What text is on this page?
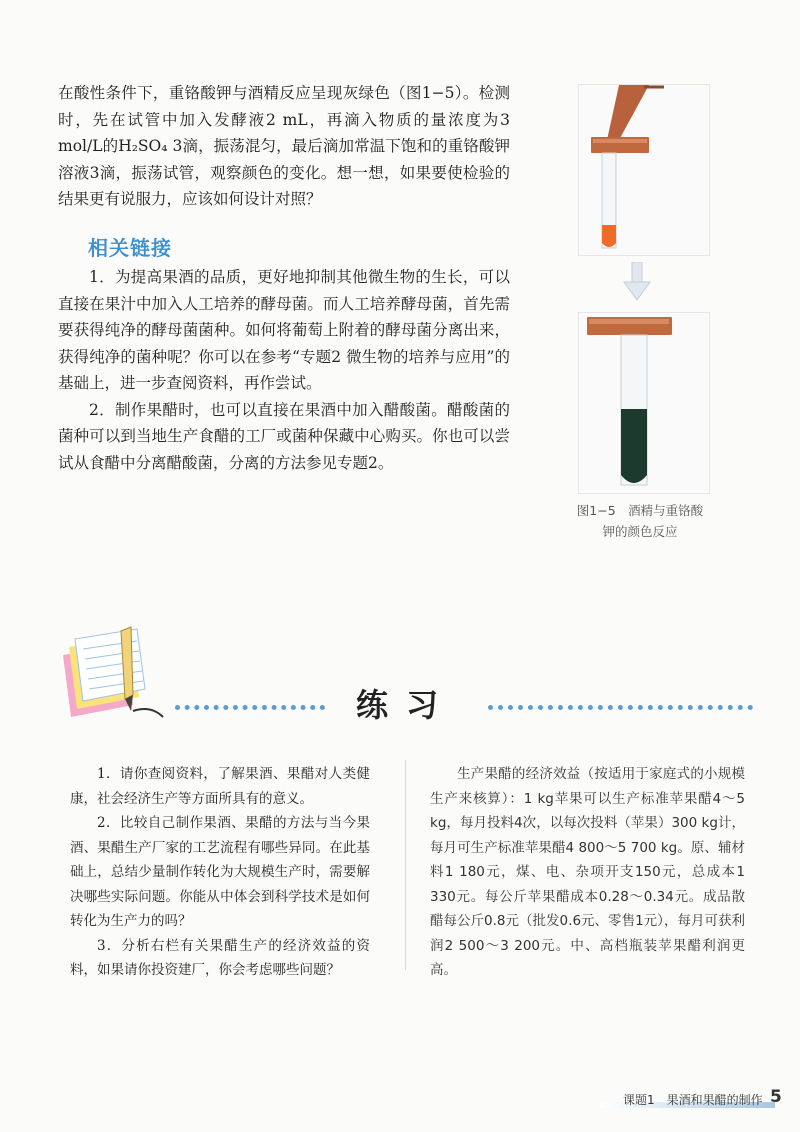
在酸性条件下，重铬酸钾与酒精反应呈现灰绿色（图1−5）。检测时，先在试管中加入发酵液2 mL，再滴入物质的量浓度为3 mol/L的H₂SO₄ 3滴，振荡混匀，最后滴加常温下饱和的重铬酸钾溶液3滴，振荡试管，观察颜色的变化。想一想，如果要使检验的结果更有说服力，应该如何设计对照？

相关链接

1．为提高果酒的品质，更好地抑制其他微生物的生长，可以直接在果汁中加入人工培养的酵母菌。而人工培养酵母菌，首先需要获得纯净的酵母菌菌种。如何将葡萄上附着的酵母菌分离出来，获得纯净的菌种呢？你可以在参考“专题2 微生物的培养与应用”的基础上，进一步查阅资料，再作尝试。

2．制作果醋时，也可以直接在果酒中加入醋酸菌。醋酸菌的菌种可以到当地生产食醋的工厂或菌种保藏中心购买。你也可以尝试从食醋中分离醋酸菌，分离的方法参见专题2。

图1−5　酒精与重铬酸
钾的颜色反应
练习

1．请你查阅资料，了解果酒、果醋对人类健康，社会经济生产等方面所具有的意义。

2．比较自己制作果酒、果醋的方法与当今果酒、果醋生产厂家的工艺流程有哪些异同。在此基础上，总结少量制作转化为大规模生产时，需要解决哪些实际问题。你能从中体会到科学技术是如何转化为生产力的吗？

3．分析右栏有关果醋生产的经济效益的资料，如果请你投资建厂，你会考虑哪些问题？

生产果醋的经济效益（按适用于家庭式的小规模生产来核算）：1 kg苹果可以生产标准苹果醋4～5 kg，每月投料4次，以每次投料（苹果）300 kg计，每月可生产标准苹果醋4 800～5 700 kg。原、辅材料1 180元，煤、电、杂项开支150元，总成本1 330元。每公斤苹果醋成本0.28～0.34元。成品散醋每公斤0.8元（批发0.6元、零售1元），每月可获利润2 500～3 200元。中、高档瓶装苹果醋利润更高。

课题1　果酒和果醋的制作 5
